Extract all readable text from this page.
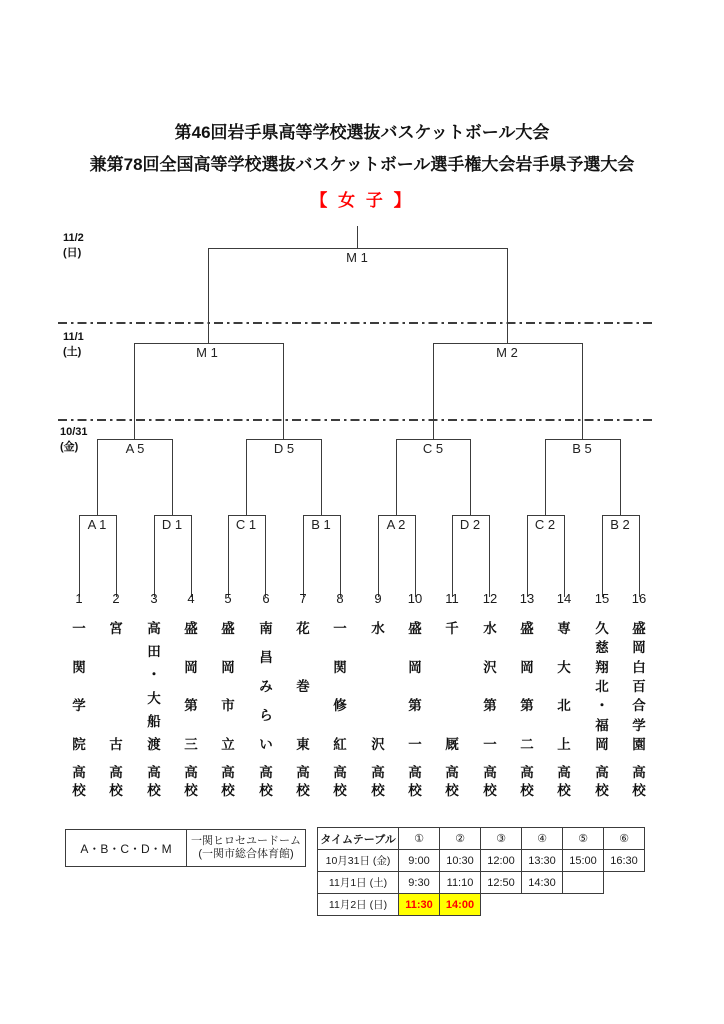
第46回岩手県高等学校選抜バスケットボール大会
兼第78回全国高等学校選抜バスケットボール選手権大会岩手県予選大会
【 女 子 】
11/2
(日)
11/1
(土)
10/31
(金)
M 1
M 1	M 2
A 5	D 5	C 5	B 5
A 1	D 1	C 1	B 1	A 2	D 2	C 2	B 2
1
一
関
学
院
高
校
2
宮
古
高
校
3
高
田
・
大
船
渡
高
校
4
盛
岡
第
三
高
校
5
盛
岡
市
立
高
校
6
南
昌
み
ら
い
高
校
7
花
巻
東
高
校
8
一
関
修
紅
高
校
9
水
沢
高
校
10
盛
岡
第
一
高
校
11
千
厩
高
校
12
水
沢
第
一
高
校
13
盛
岡
第
二
高
校
14
専
大
北
上
高
校
15
久
慈
翔
北
・
福
岡
高
校
16
盛
岡
白
百
合
学
園
高
校
A・B・C・D・M	
一関ヒロセユードーム
(一関市総合体育館)
タイムテーブル	①	②	③	④	⑤	⑥
10月31日 (金)	9:00	10:30	12:00	13:30	15:00	16:30
11月1日 (土)	9:30	11:10	12:50	14:30		
11月2日 (日)	11:30	14:00				
